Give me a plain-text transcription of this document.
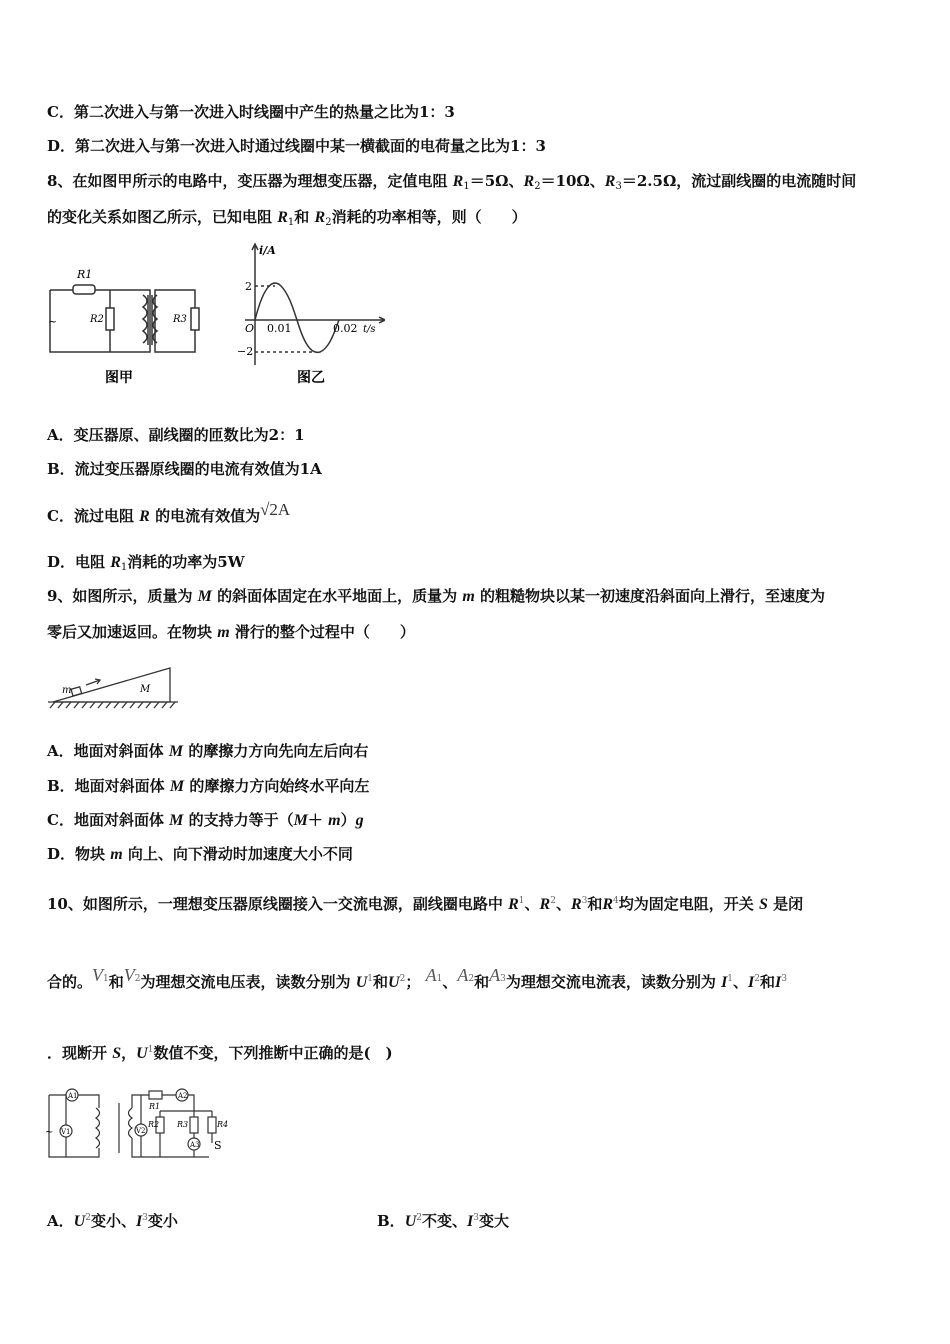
C．第二次进入与第一次进入时线圈中产生的热量之比为1：3
D．第二次进入与第一次进入时通过线圈中某一横截面的电荷量之比为1：3
8、在如图甲所示的电路中，变压器为理想变压器，定值电阻 $R_1=5\Omega$、$R_2=10\Omega$、$R_3=2.5\Omega$，流过副线圈的电流随时间
的变化关系如图乙所示，已知电阻 $R_1$和 $R_2$消耗的功率相等，则（　　）
R1
R2	R3
~
图甲
i/A
2
−2
O 0.01	0.02 t/s
图乙
A．变压器原、副线圈的匝数比为2：1
B．流过变压器原线圈的电流有效值为1A
C．流过电阻 R 的电流有效值为√2A
D．电阻 $R_1$消耗的功率为5W
9、如图所示，质量为 M 的斜面体固定在水平地面上，质量为 m 的粗糙物块以某一初速度沿斜面向上滑行，至速度为
零后又加速返回。在物块 m 滑行的整个过程中（　　）
m	M
A．地面对斜面体 M 的摩擦力方向先向左后向右
B．地面对斜面体 M 的摩擦力方向始终水平向左
C．地面对斜面体 M 的支持力等于（M＋ m）g
D．物块 m 向上、向下滑动时加速度大小不同
10、如图所示，一理想变压器原线圈接入一交流电源，副线圈电路中 $R^1$、$R^2$、$R^3$和$R^4$均为固定电阻，开关 S 是闭
合的。$V^1$和$V^2$为理想交流电压表，读数分别为 $U^1$和$U^2$； $A^1$、$A^2$和$A^3$为理想交流电流表，读数分别为 $I^1$、$I^2$和$I^3$
．现断开 S，$U^1$数值不变，下列推断中正确的是(　)
A1
V1
R1
A2
R2 R3	R4
V2
A3 S
~
A．$U^2$变小、$I^3$变小	B．$U^2$不变、$I^3$变大
